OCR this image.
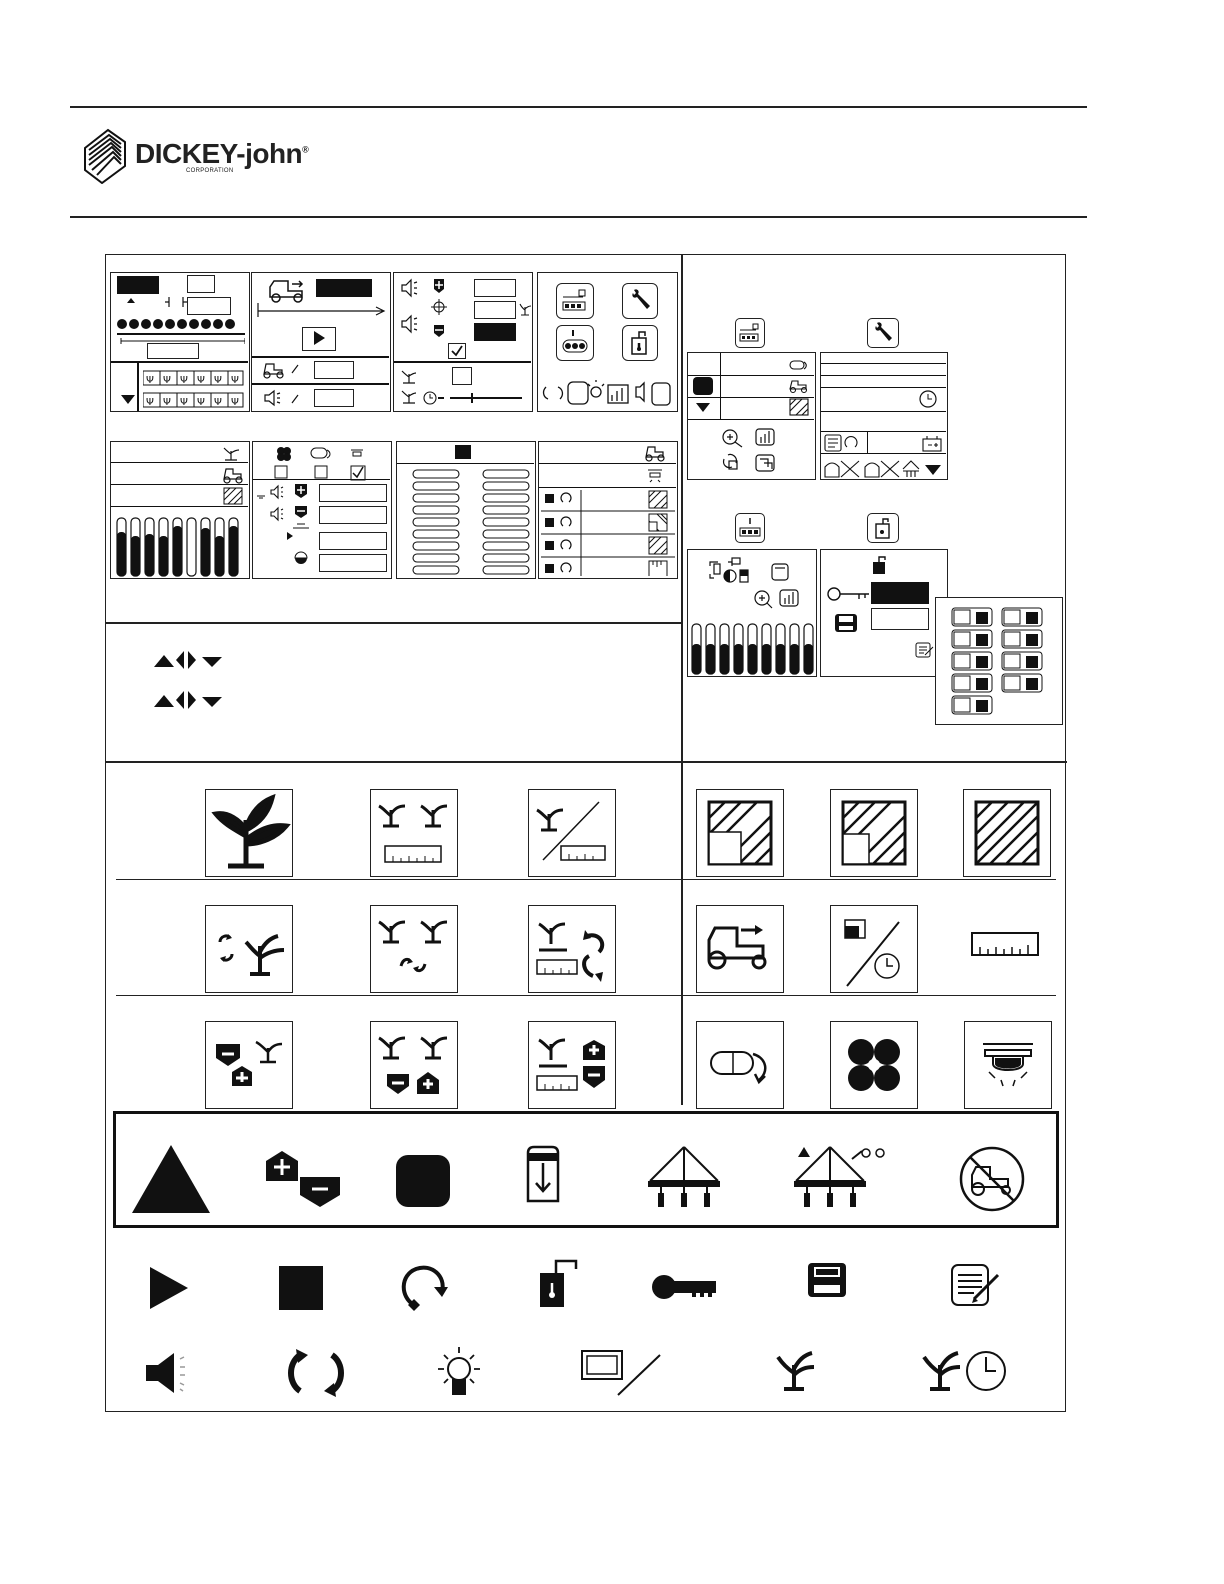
DICKEY-john®
CORPORATION
Ψ Ψ Ψ Ψ Ψ Ψ
Ψ Ψ Ψ Ψ Ψ Ψ
